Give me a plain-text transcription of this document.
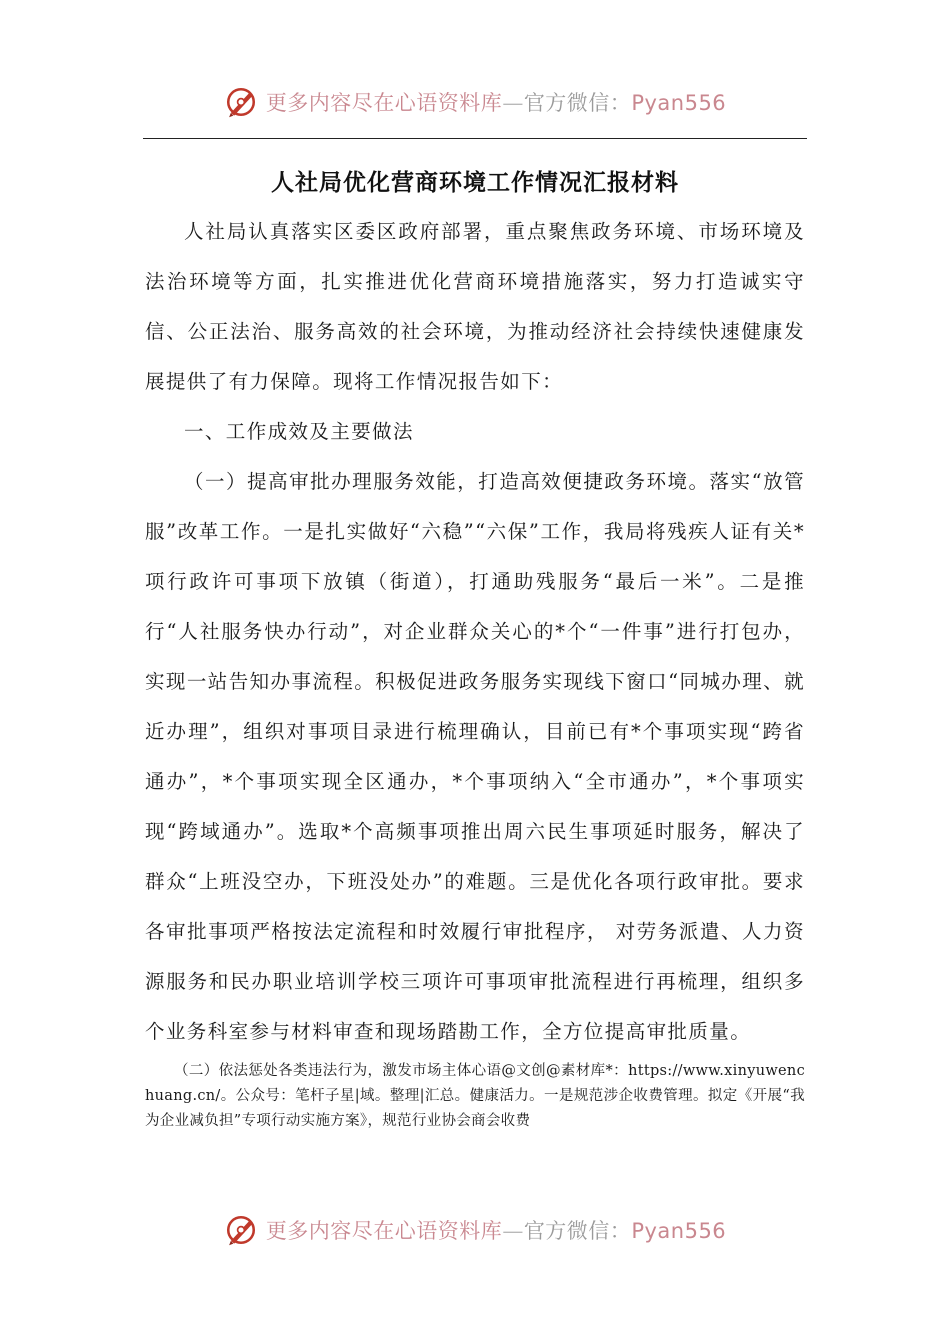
更多内容尽在心语资料库—官方微信：Pyan556
人社局优化营商环境工作情况汇报材料

人社局认真落实区委区政府部署，重点聚焦政务环境、市场环境及法治环境等方面，扎实推进优化营商环境措施落实，努力打造诚实守信、公正法治、服务高效的社会环境，为推动经济社会持续快速健康发展提供了有力保障。现将工作情况报告如下：

一、工作成效及主要做法

（一）提高审批办理服务效能，打造高效便捷政务环境。落实“放管服”改革工作。一是扎实做好“六稳”“六保”工作，我局将残疾人证有关*项行政许可事项下放镇（街道），打通助残服务“最后一米”。二是推行“人社服务快办行动”，对企业群众关心的*个“一件事”进行打包办，实现一站告知办事流程。积极促进政务服务实现线下窗口“同城办理、就近办理”，组织对事项目录进行梳理确认，目前已有*个事项实现“跨省通办”，*个事项实现全区通办，*个事项纳入“全市通办”，*个事项实现“跨域通办”。选取*个高频事项推出周六民生事项延时服务，解决了群众“上班没空办，下班没处办”的难题。三是优化各项行政审批。要求各审批事项严格按法定流程和时效履行审批程序， 对劳务派遣、人力资源服务和民办职业培训学校三项许可事项审批流程进行再梳理，组织多个业务科室参与材料审查和现场踏勘工作，全方位提高审批质量。

（二）依法惩处各类违法行为，激发市场主体心语@文创@素材库*：https://www.xinyuwenchuang.cn/。公众号：笔杆子星|域。整理|汇总。健康活力。一是规范涉企收费管理。拟定《开展“我为企业减负担”专项行动实施方案》，规范行业协会商会收费

更多内容尽在心语资料库—官方微信：Pyan556
